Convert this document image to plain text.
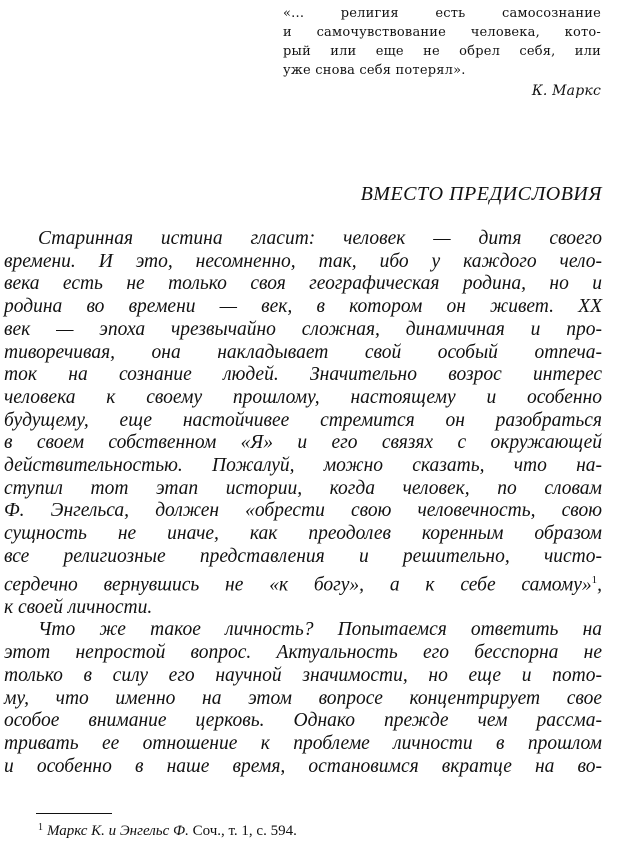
«... религия есть самосознание
и самочувствование человека, кото-
рый или еще не обрел себя, или
уже снова себя потерял».
К. Маркс
ВМЕСТО ПРЕДИСЛОВИЯ
Старинная истина гласит: человек — дитя своего
времени. И это, несомненно, так, ибо у каждого чело-
века есть не только своя географическая родина, но и
родина во времени — век, в котором он живет. XX
век — эпоха чрезвычайно сложная, динамичная и про-
тиворечивая, она накладывает свой особый отпеча-
ток на сознание людей. Значительно возрос интерес
человека к своему прошлому, настоящему и особенно
будущему, еще настойчивее стремится он разобраться
в своем собственном «Я» и его связях с окружающей
действительностью. Пожалуй, можно сказать, что на-
ступил тот этап истории, когда человек, по словам
Ф. Энгельса, должен «обрести свою человечность, свою
сущность не иначе, как преодолев коренным образом
все религиозные представления и решительно, чисто-
сердечно вернувшись не «к богу», а к себе самому»$^1$,
к своей личности.
Что же такое личность? Попытаемся ответить на
этот непростой вопрос. Актуальность его бесспорна не
только в силу его научной значимости, но еще и пото-
му, что именно на этом вопросе концентрирует свое
особое внимание церковь. Однако прежде чем рассма-
тривать ее отношение к проблеме личности в прошлом
и особенно в наше время, остановимся вкратце на во-
$^1$ Маркс К. и Энгельс Ф. Соч., т. 1, с. 594.
